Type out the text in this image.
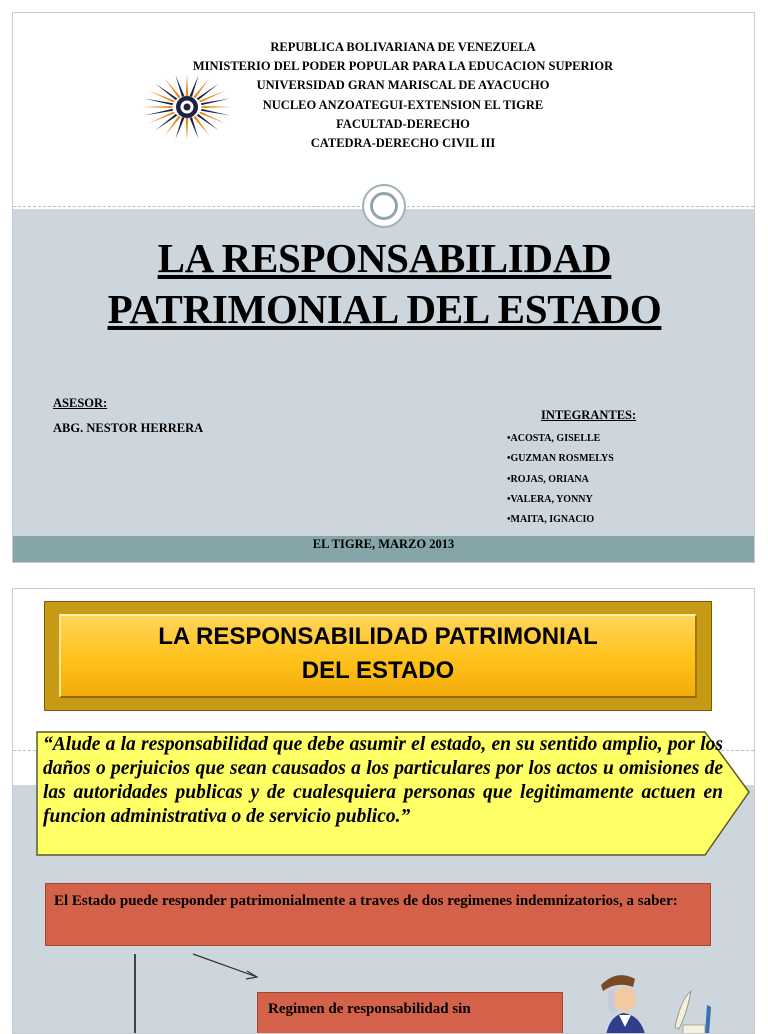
REPUBLICA BOLIVARIANA DE VENEZUELA
MINISTERIO DEL PODER POPULAR PARA LA EDUCACION SUPERIOR
UNIVERSIDAD GRAN MARISCAL DE AYACUCHO
NUCLEO ANZOATEGUI-EXTENSION EL TIGRE
FACULTAD-DERECHO
CATEDRA-DERECHO CIVIL III
LA RESPONSABILIDAD
PATRIMONIAL DEL ESTADO
ASESOR:
ABG. NESTOR HERRERA
INTEGRANTES:
•ACOSTA, GISELLE
•GUZMAN ROSMELYS
•ROJAS, ORIANA
•VALERA, YONNY
•MAITA, IGNACIO
EL TIGRE, MARZO 2013
LA RESPONSABILIDAD PATRIMONIAL
DEL ESTADO
“Alude a la responsabilidad que debe asumir el estado, en su sentido amplio, por los daños o perjuicios que sean causados a los particulares por los actos u omisiones de las autoridades publicas y de cualesquiera personas que legitimamente actuen en funcion administrativa o de servicio publico.”
El Estado puede responder patrimonialmente a traves de dos regimenes indemnizatorios, a saber:
Regimen de responsabilidad sin
